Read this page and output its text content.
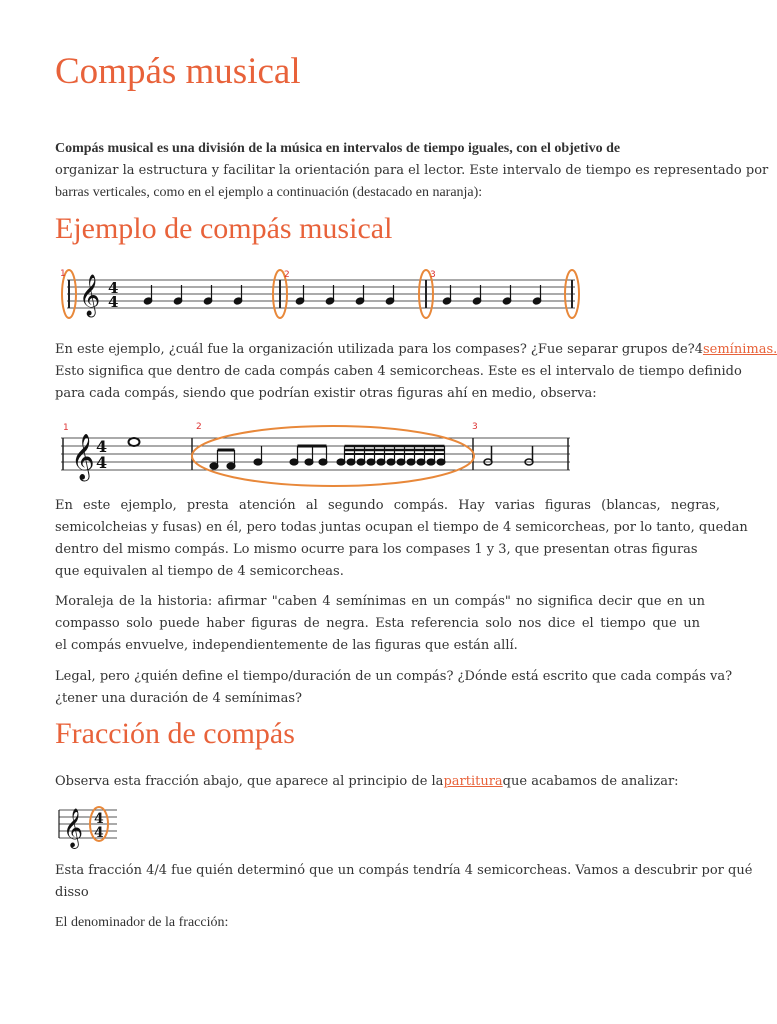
Compás musical
Compás musical es una división de la música en intervalos de tiempo iguales, con el objetivo de
organizar la estructura y facilitar la orientación para el lector. Este intervalo de tiempo es representado por
barras verticales, como en el ejemplo a continuación (destacado en naranja):
Ejemplo de compás musical
1	2	3
𝄞 4
4
En este ejemplo, ¿cuál fue la organización utilizada para los compases? ¿Fue separar grupos de?4semínimas.
Esto significa que dentro de cada compás caben 4 semicorcheas. Este es el intervalo de tiempo definido
para cada compás, siendo que podrían existir otras figuras ahí en medio, observa:
1	2	3
𝄞 4
4
En este ejemplo, presta atención al segundo compás. Hay varias figuras (blancas, negras,
semicolcheias y fusas) en él, pero todas juntas ocupan el tiempo de 4 semicorcheas, por lo tanto, quedan
dentro del mismo compás. Lo mismo ocurre para los compases 1 y 3, que presentan otras figuras
que equivalen al tiempo de 4 semicorcheas.
Moraleja de la historia: afirmar "caben 4 semínimas en un compás" no significa decir que en un
compasso solo puede haber figuras de negra. Esta referencia solo nos dice el tiempo que un
el compás envuelve, independientemente de las figuras que están allí.
Legal, pero ¿quién define el tiempo/duración de un compás? ¿Dónde está escrito que cada compás va?
¿tener una duración de 4 semínimas?
Fracción de compás
Observa esta fracción abajo, que aparece al principio de lapartituraque acabamos de analizar:
𝄞 4
4
Esta fracción 4/4 fue quién determinó que un compás tendría 4 semicorcheas. Vamos a descubrir por qué
disso
El denominador de la fracción:
